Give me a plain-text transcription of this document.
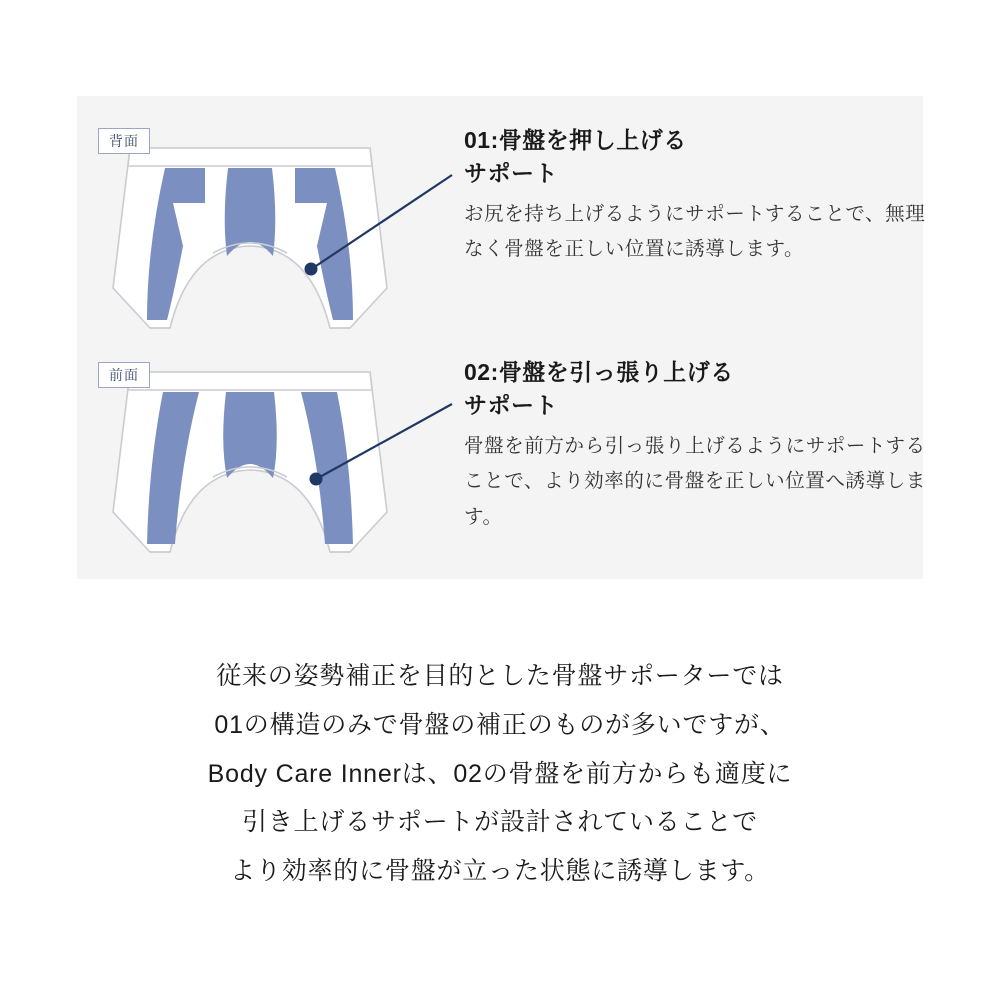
背面
前面
01:骨盤を押し上げる
サポート

お尻を持ち上げるようにサポートすることで、無理なく骨盤を正しい位置に誘導します。

02:骨盤を引っ張り上げる
サポート

骨盤を前方から引っ張り上げるようにサポートすることで、より効率的に骨盤を正しい位置へ誘導します。

従来の姿勢補正を目的とした骨盤サポーターでは
01の構造のみで骨盤の補正のものが多いですが、
Body Care Innerは、02の骨盤を前方からも適度に
引き上げるサポートが設計されていることで
より効率的に骨盤が立った状態に誘導します。
